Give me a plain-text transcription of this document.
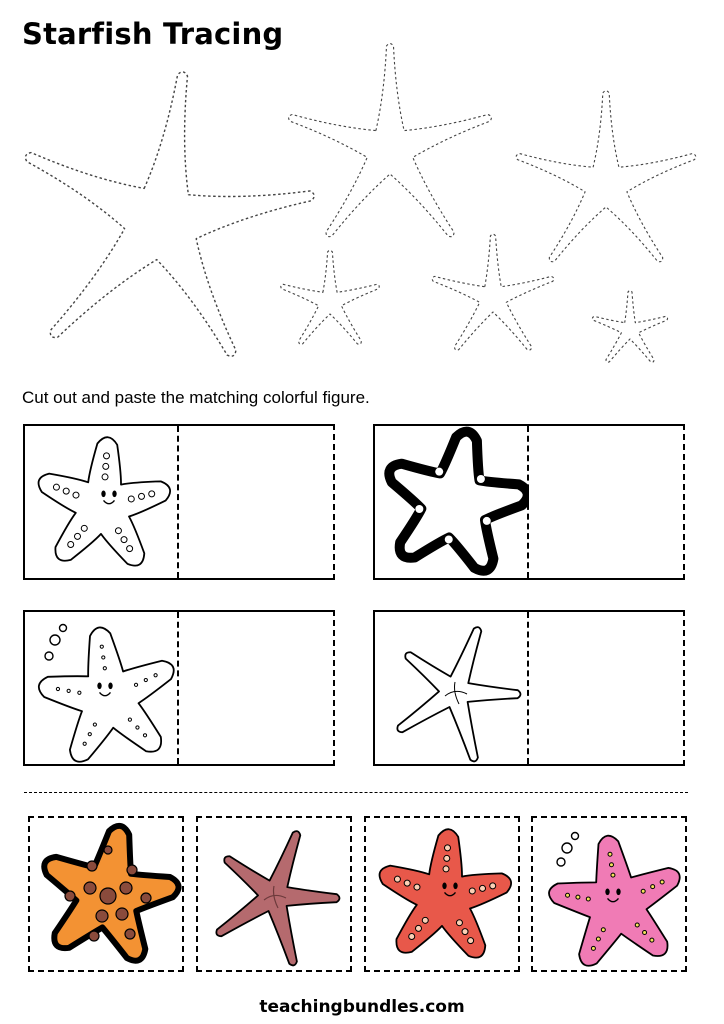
Starfish Tracing

Cut out and paste the matching colorful figure.

teachingbundles.com
